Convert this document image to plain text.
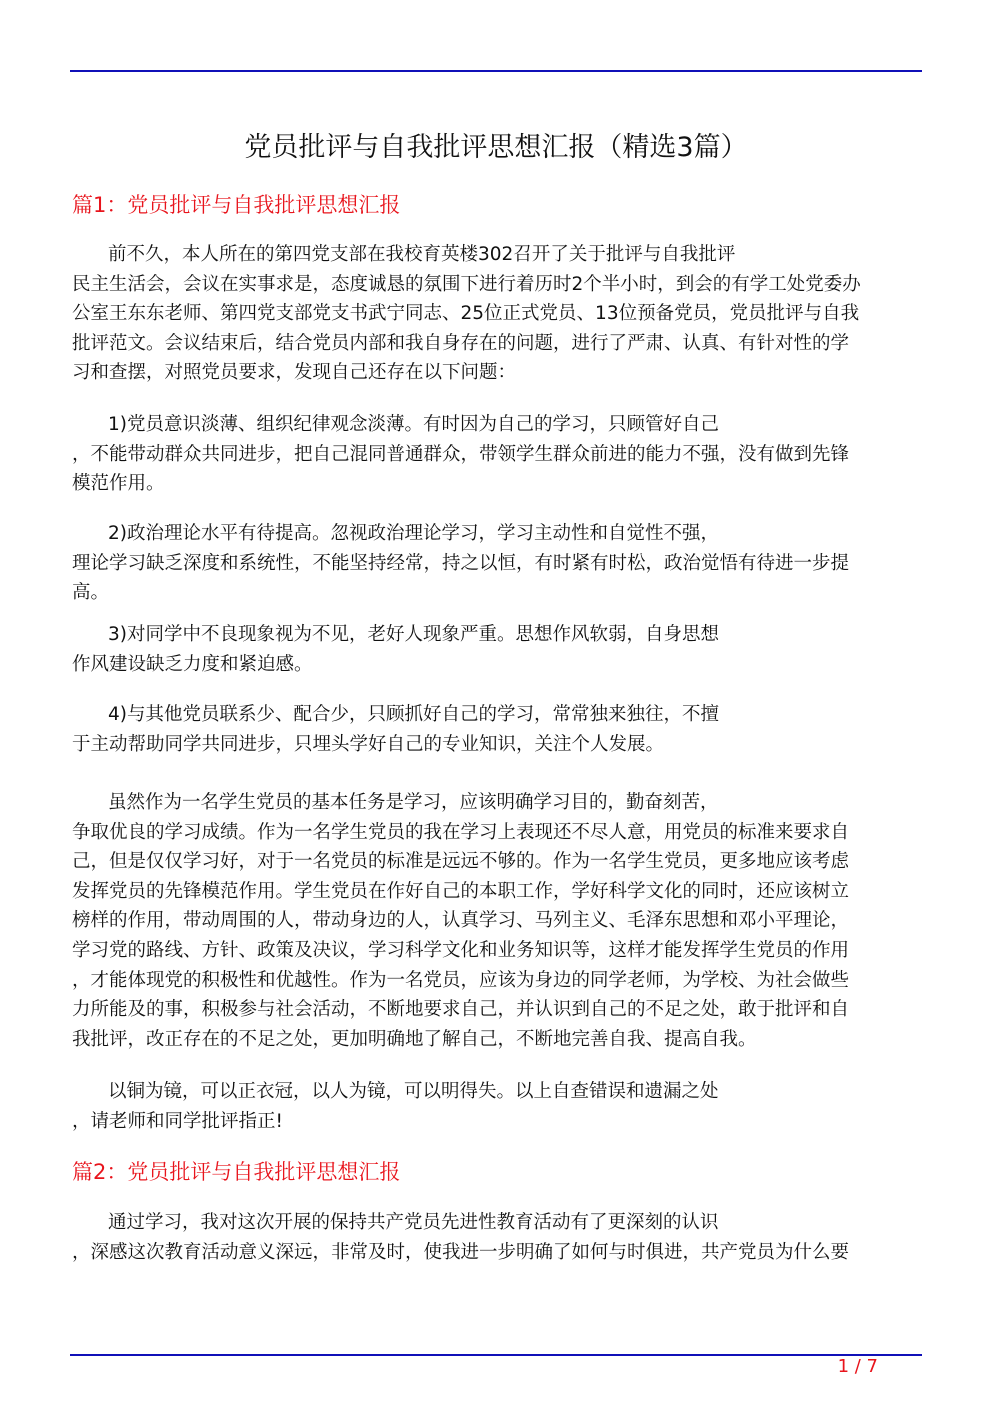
党员批评与自我批评思想汇报（精选3篇）
篇1：党员批评与自我批评思想汇报
前不久，本人所在的第四党支部在我校育英楼302召开了关于批评与自我批评
民主生活会，会议在实事求是，态度诚恳的氛围下进行着历时2个半小时，到会的有学工处党委办
公室王东东老师、第四党支部党支书武宁同志、25位正式党员、13位预备党员，党员批评与自我
批评范文。会议结束后，结合党员内部和我自身存在的问题，进行了严肃、认真、有针对性的学
习和查摆，对照党员要求，发现自己还存在以下问题：
1)党员意识淡薄、组织纪律观念淡薄。有时因为自己的学习，只顾管好自己
，不能带动群众共同进步，把自己混同普通群众，带领学生群众前进的能力不强，没有做到先锋
模范作用。
2)政治理论水平有待提高。忽视政治理论学习，学习主动性和自觉性不强，
理论学习缺乏深度和系统性，不能坚持经常，持之以恒，有时紧有时松，政治觉悟有待进一步提
高。
3)对同学中不良现象视为不见，老好人现象严重。思想作风软弱，自身思想
作风建设缺乏力度和紧迫感。
4)与其他党员联系少、配合少，只顾抓好自己的学习，常常独来独往，不擅
于主动帮助同学共同进步，只埋头学好自己的专业知识，关注个人发展。
虽然作为一名学生党员的基本任务是学习，应该明确学习目的，勤奋刻苦，
争取优良的学习成绩。作为一名学生党员的我在学习上表现还不尽人意，用党员的标准来要求自
己，但是仅仅学习好，对于一名党员的标准是远远不够的。作为一名学生党员，更多地应该考虑
发挥党员的先锋模范作用。学生党员在作好自己的本职工作，学好科学文化的同时，还应该树立
榜样的作用，带动周围的人，带动身边的人，认真学习、马列主义、毛泽东思想和邓小平理论，
学习党的路线、方针、政策及决议，学习科学文化和业务知识等，这样才能发挥学生党员的作用
，才能体现党的积极性和优越性。作为一名党员，应该为身边的同学老师，为学校、为社会做些
力所能及的事，积极参与社会活动，不断地要求自己，并认识到自己的不足之处，敢于批评和自
我批评，改正存在的不足之处，更加明确地了解自己，不断地完善自我、提高自我。
以铜为镜，可以正衣冠，以人为镜，可以明得失。以上自查错误和遗漏之处
，请老师和同学批评指正!
篇2：党员批评与自我批评思想汇报
通过学习，我对这次开展的保持共产党员先进性教育活动有了更深刻的认识
，深感这次教育活动意义深远，非常及时，使我进一步明确了如何与时俱进，共产党员为什么要
1 / 7
